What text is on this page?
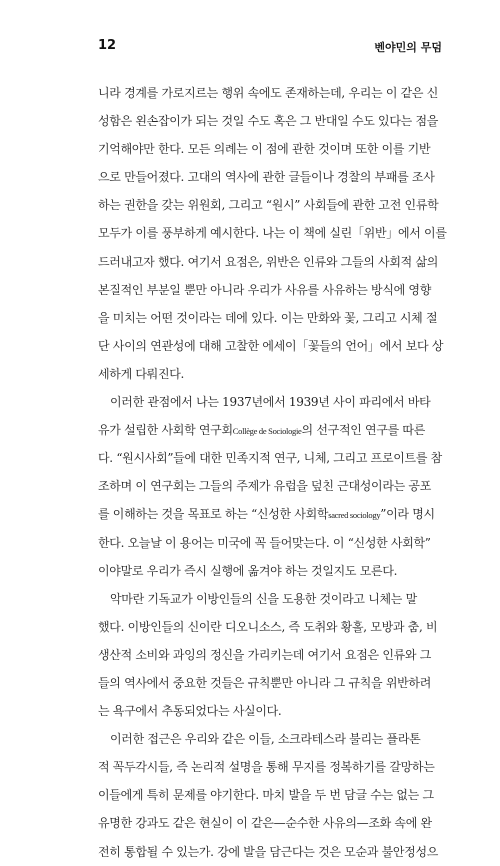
12	벤야민의 무덤
니라 경계를 가로지르는 행위 속에도 존재하는데, 우리는 이 같은 신
성함은 왼손잡이가 되는 것일 수도 혹은 그 반대일 수도 있다는 점을
기억해야만 한다. 모든 의례는 이 점에 관한 것이며 또한 이를 기반
으로 만들어졌다. 고대의 역사에 관한 글들이나 경찰의 부패를 조사
하는 권한을 갖는 위원회, 그리고 “원시” 사회들에 관한 고전 인류학
모두가 이를 풍부하게 예시한다. 나는 이 책에 실린「위반」에서 이를
드러내고자 했다. 여기서 요점은, 위반은 인류와 그들의 사회적 삶의
본질적인 부분일 뿐만 아니라 우리가 사유를 사유하는 방식에 영향
을 미치는 어떤 것이라는 데에 있다. 이는 만화와 꽃, 그리고 시체 절
단 사이의 연관성에 대해 고찰한 에세이「꽃들의 언어」에서 보다 상
세하게 다뤄진다.
이러한 관점에서 나는 1937년에서 1939년 사이 파리에서 바타
유가 설립한 사회학 연구회Collège de Sociologie의 선구적인 연구를 따른
다. “원시사회”들에 대한 민족지적 연구, 니체, 그리고 프로이트를 참
조하며 이 연구회는 그들의 주제가 유럽을 덮친 근대성이라는 공포
를 이해하는 것을 목표로 하는 “신성한 사회학sacred sociology”이라 명시
한다. 오늘날 이 용어는 미국에 꼭 들어맞는다. 이 “신성한 사회학”
이야말로 우리가 즉시 실행에 옮겨야 하는 것일지도 모른다.
악마란 기독교가 이방인들의 신을 도용한 것이라고 니체는 말
했다. 이방인들의 신이란 디오니소스, 즉 도취와 황홀, 모방과 춤, 비
생산적 소비와 과잉의 정신을 가리키는데 여기서 요점은 인류와 그
들의 역사에서 중요한 것들은 규칙뿐만 아니라 그 규칙을 위반하려
는 욕구에서 추동되었다는 사실이다.
이러한 접근은 우리와 같은 이들, 소크라테스라 불리는 플라톤
적 꼭두각시들, 즉 논리적 설명을 통해 무지를 정복하기를 갈망하는
이들에게 특히 문제를 야기한다. 마치 발을 두 번 담글 수는 없는 그
유명한 강과도 같은 현실이 이 같은—순수한 사유의—조화 속에 완
전히 통합될 수 있는가. 강에 발을 담근다는 것은 모순과 불안정성으
